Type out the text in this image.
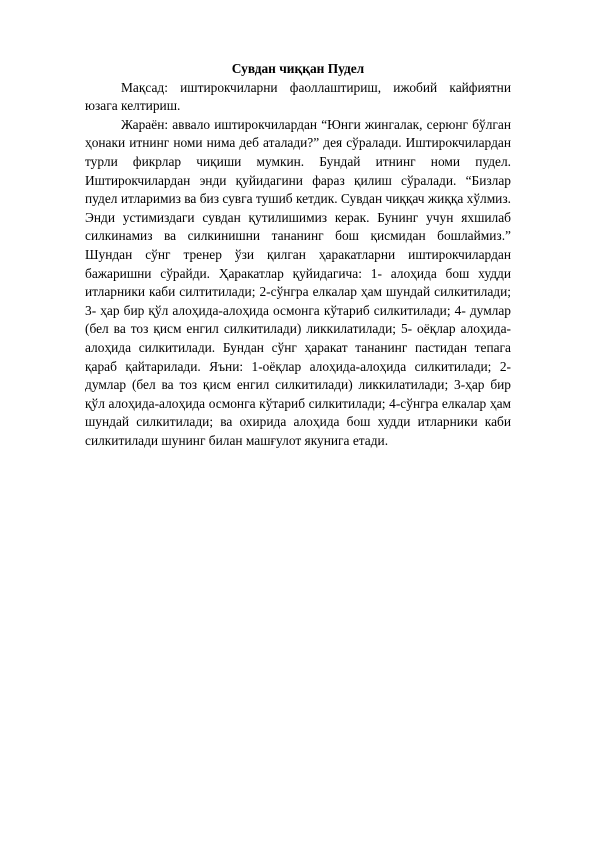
Сувдан чиққан Пудел

Мақсад: иштирокчиларни фаоллаштириш, ижобий кайфиятни юзага келтириш.

Жараён: аввало иштирокчилардан “Юнги жингалак, серюнг бўлган ҳонаки итнинг номи нима деб аталади?” дея сўралади. Иштирокчилардан турли фикрлар чиқиши мумкин. Бундай итнинг номи пудел. Иштирокчилардан энди қуйидагини фараз қилиш сўралади. “Бизлар пудел итларимиз ва биз сувга тушиб кетдик. Сувдан чиққач жиққа хўлмиз. Энди устимиздаги сувдан қутилишимиз керак. Бунинг учун яхшилаб силкинамиз ва силкинишни тананинг бош қисмидан бошлаймиз.” Шундан сўнг тренер ўзи қилган ҳаракатларни иштирокчилардан бажаришни сўрайди. Ҳаракатлар қуйидагича: 1- алоҳида бош худди итларники каби силтитилади; 2-сўнгра елкалар ҳам шундай силкитилади; 3- ҳар бир қўл алоҳида-алоҳида осмонга кўтариб силкитилади; 4- думлар (бел ва тоз қисм енгил силкитилади) ликкилатилади; 5- оёқлар алоҳида-алоҳида силкитилади. Бундан сўнг ҳаракат тананинг пастидан тепага қараб қайтарилади. Яъни: 1-оёқлар алоҳида-алоҳида силкитилади; 2- думлар (бел ва тоз қисм енгил силкитилади) ликкилатилади; 3-ҳар бир қўл алоҳида-алоҳида осмонга кўтариб силкитилади; 4-сўнгра елкалар ҳам шундай силкитилади; ва охирида алоҳида бош худди итларники каби силкитилади шунинг билан машғулот якунига етади.
